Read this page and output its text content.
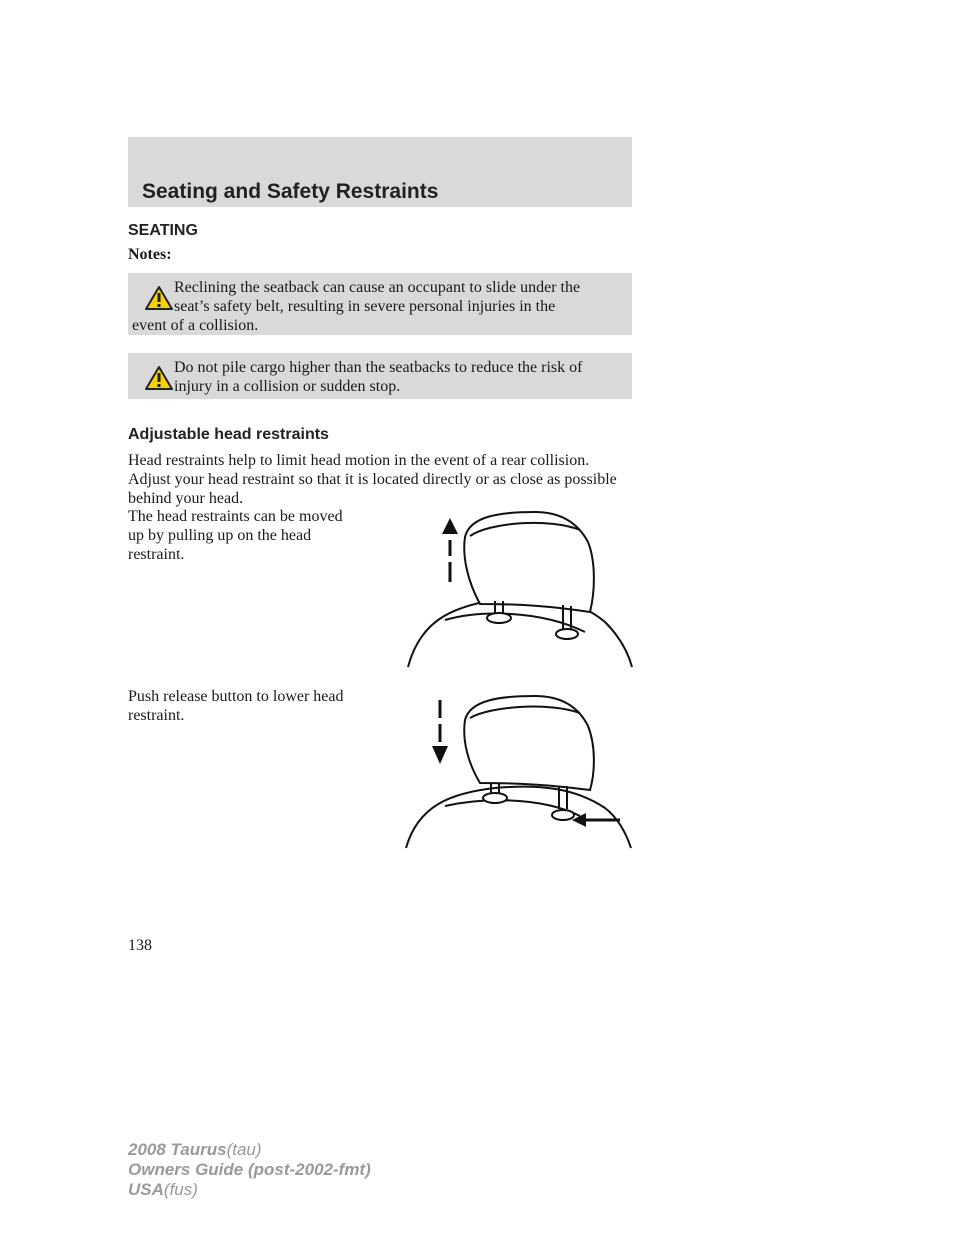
Seating and Safety Restraints
SEATING
Notes:
Reclining the seatback can cause an occupant to slide under the
seat’s safety belt, resulting in severe personal injuries in the
event of a collision.
Do not pile cargo higher than the seatbacks to reduce the risk of
injury in a collision or sudden stop.
Adjustable head restraints
Head restraints help to limit head motion in the event of a rear collision. Adjust your head restraint so that it is located directly or as close as possible behind your head.
The head restraints can be moved up by pulling up on the head restraint.
Push release button to lower head restraint.
138
2008 Taurus(tau)
Owners Guide (post-2002-fmt)
USA(fus)
